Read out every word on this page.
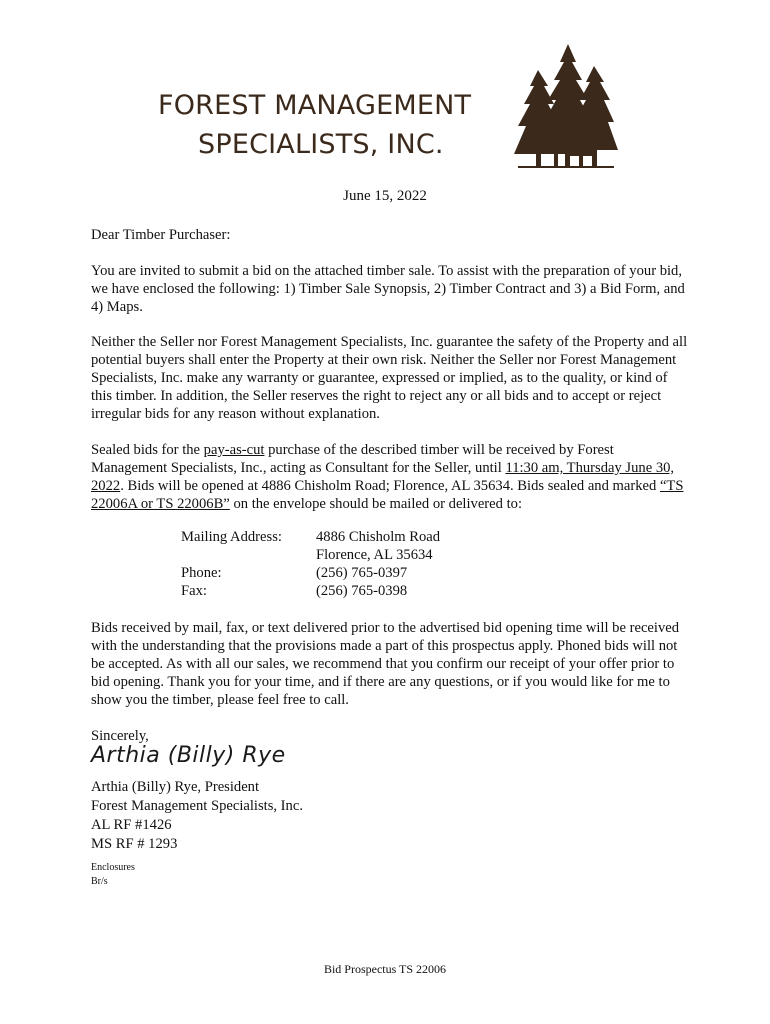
FOREST MANAGEMENT
SPECIALISTS, INC.
June 15, 2022
Dear Timber Purchaser:

You are invited to submit a bid on the attached timber sale. To assist with the preparation of your bid, we have enclosed the following: 1) Timber Sale Synopsis, 2) Timber Contract and 3) a Bid Form, and 4) Maps.

Neither the Seller nor Forest Management Specialists, Inc. guarantee the safety of the Property and all potential buyers shall enter the Property at their own risk. Neither the Seller nor Forest Management Specialists, Inc. make any warranty or guarantee, expressed or implied, as to the quality, or kind of this timber. In addition, the Seller reserves the right to reject any or all bids and to accept or reject irregular bids for any reason without explanation.

Sealed bids for the pay-as-cut purchase of the described timber will be received by Forest Management Specialists, Inc., acting as Consultant for the Seller, until 11:30 am, Thursday June 30, 2022. Bids will be opened at 4886 Chisholm Road; Florence, AL 35634. Bids sealed and marked “TS 22006A or TS 22006B” on the envelope should be mailed or delivered to:

Mailing Address:	4886 Chisholm Road
Florence, AL 35634
Phone:	(256) 765-0397
Fax:	(256) 765-0398

Bids received by mail, fax, or text delivered prior to the advertised bid opening time will be received with the understanding that the provisions made a part of this prospectus apply. Phoned bids will not be accepted. As with all our sales, we recommend that you confirm our receipt of your offer prior to bid opening. Thank you for your time, and if there are any questions, or if you would like for me to show you the timber, please feel free to call.

Sincerely,
Arthia (Billy) Rye
Arthia (Billy) Rye, President
Forest Management Specialists, Inc.
AL RF #1426
MS RF # 1293
Enclosures
Br/s
Bid Prospectus TS 22006
